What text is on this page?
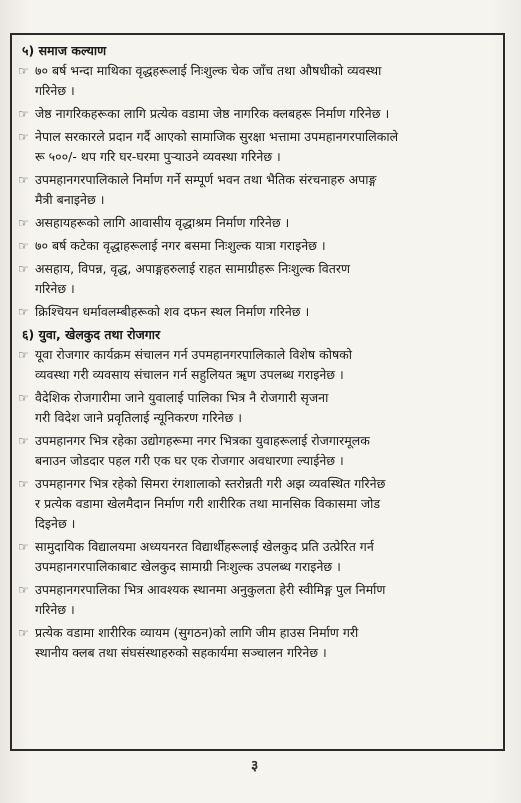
५) समाज कल्याण
☞ ७० बर्ष भन्दा माथिका वृद्धहरूलाई निःशुल्क चेक जाँच तथा औषधीको व्यवस्था
गरिनेछ ।
☞ जेष्ठ नागरिकहरूका लागि प्रत्येक वडामा जेष्ठ नागरिक क्लबहरू निर्माण गरिनेछ ।
☞ नेपाल सरकारले प्रदान गर्दै आएको सामाजिक सुरक्षा भत्तामा उपमहानगरपालिकाले
रू ५००/- थप गरि घर-घरमा पुऱ्याउने व्यवस्था गरिनेछ ।
☞ उपमहानगरपालिकाले निर्माण गर्ने सम्पूर्ण भवन तथा भैतिक संरचनाहरु अपाङ्ग
मैत्री बनाइनेछ ।
☞ असहायहरूको लागि आवासीय वृद्धाश्रम निर्माण गरिनेछ ।
☞ ७० बर्ष कटेका वृद्धाहरूलाई नगर बसमा निःशुल्क यात्रा गराइनेछ ।
☞ असहाय, विपन्न, वृद्ध, अपाङ्गहरुलाई राहत सामाग्रीहरू निःशुल्क वितरण
गरिनेछ ।
☞ क्रिश्चियन धर्मावलम्बीहरूको शव दफन स्थल निर्माण गरिनेछ ।
६) युवा, खेलकुद तथा रोजगार
☞ यूवा रोजगार कार्यक्रम संचालन गर्न उपमहानगरपालिकाले विशेष कोषको
व्यवस्था गरी व्यवसाय संचालन गर्न सहुलियत ॠण उपलब्ध गराइनेछ ।
☞ वैदेशिक रोजगारीमा जाने युवालाई पालिका भित्र नै रोजगारी सृजना
गरी विदेश जाने प्रवृतिलाई न्यूनिकरण गरिनेछ ।
☞ उपमहानगर भित्र रहेका उद्योगहरूमा नगर भित्रका युवाहरूलाई रोजगारमूलक
बनाउन जोडदार पहल गरी एक घर एक रोजगार अवधारणा ल्याईनेछ ।
☞ उपमहानगर भित्र रहेको सिमरा रंगशालाको स्तरोन्नती गरी अझ व्यवस्थित गरिनेछ
र प्रत्येक वडामा खेलमैदान निर्माण गरी शारीरिक तथा मानसिक विकासमा जोड
दिइनेछ ।
☞ सामुदायिक विद्यालयमा अध्ययनरत विद्यार्थीहरूलाई खेलकुद प्रति उत्प्रेरित गर्न
उपमहानगरपालिकाबाट खेलकुद सामाग्री निःशुल्क उपलब्ध गराइनेछ ।
☞ उपमहानगरपालिका भित्र आवश्यक स्थानमा अनुकुलता हेरी स्वीमिङ्ग पुल निर्माण
गरिनेछ ।
☞ प्रत्येक वडामा शारीरिक व्यायम (सुगठन)को लागि जीम हाउस निर्माण गरी
स्थानीय क्लब तथा संघसंस्थाहरुको सहकार्यमा सञ्चालन गरिनेछ ।
३
